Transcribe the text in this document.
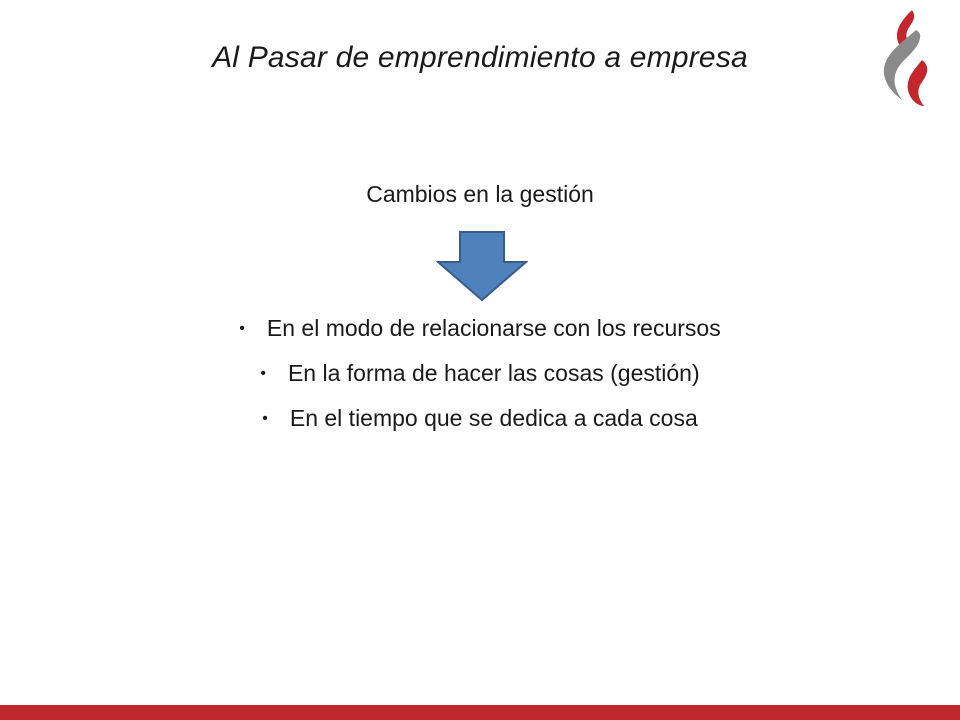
Al Pasar de emprendimiento a empresa
Cambios en la gestión
• En el modo de relacionarse con los recursos
• En la forma de hacer las cosas (gestión)
• En el tiempo que se dedica a cada cosa
